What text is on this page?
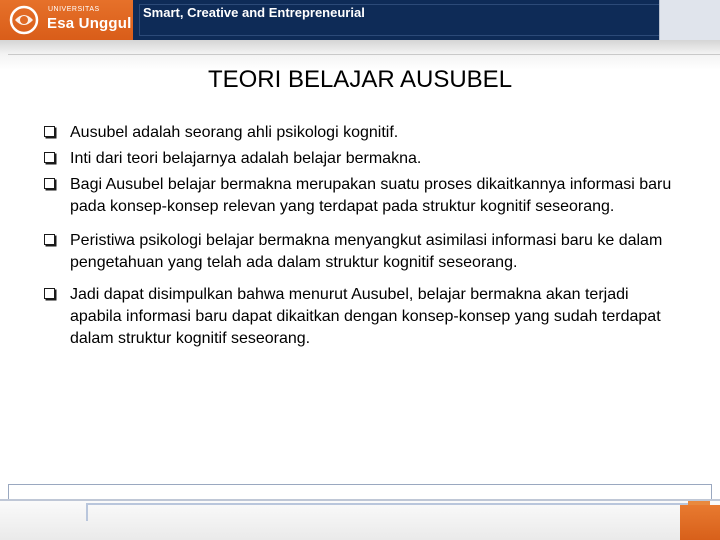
UNIVERSITAS
Esa Unggul
Smart, Creative and Entrepreneurial
TEORI BELAJAR AUSUBEL
Ausubel adalah seorang ahli psikologi kognitif.
Inti dari teori belajarnya adalah belajar bermakna.
Bagi Ausubel belajar bermakna merupakan suatu proses dikaitkannya informasi baru pada konsep-konsep relevan yang terdapat pada struktur kognitif seseorang.
Peristiwa psikologi belajar bermakna menyangkut asimilasi informasi baru ke dalam pengetahuan yang telah ada dalam struktur kognitif seseorang.
Jadi dapat disimpulkan bahwa menurut Ausubel, belajar bermakna akan terjadi apabila informasi baru dapat dikaitkan dengan konsep-konsep yang sudah terdapat dalam struktur kognitif seseorang.
